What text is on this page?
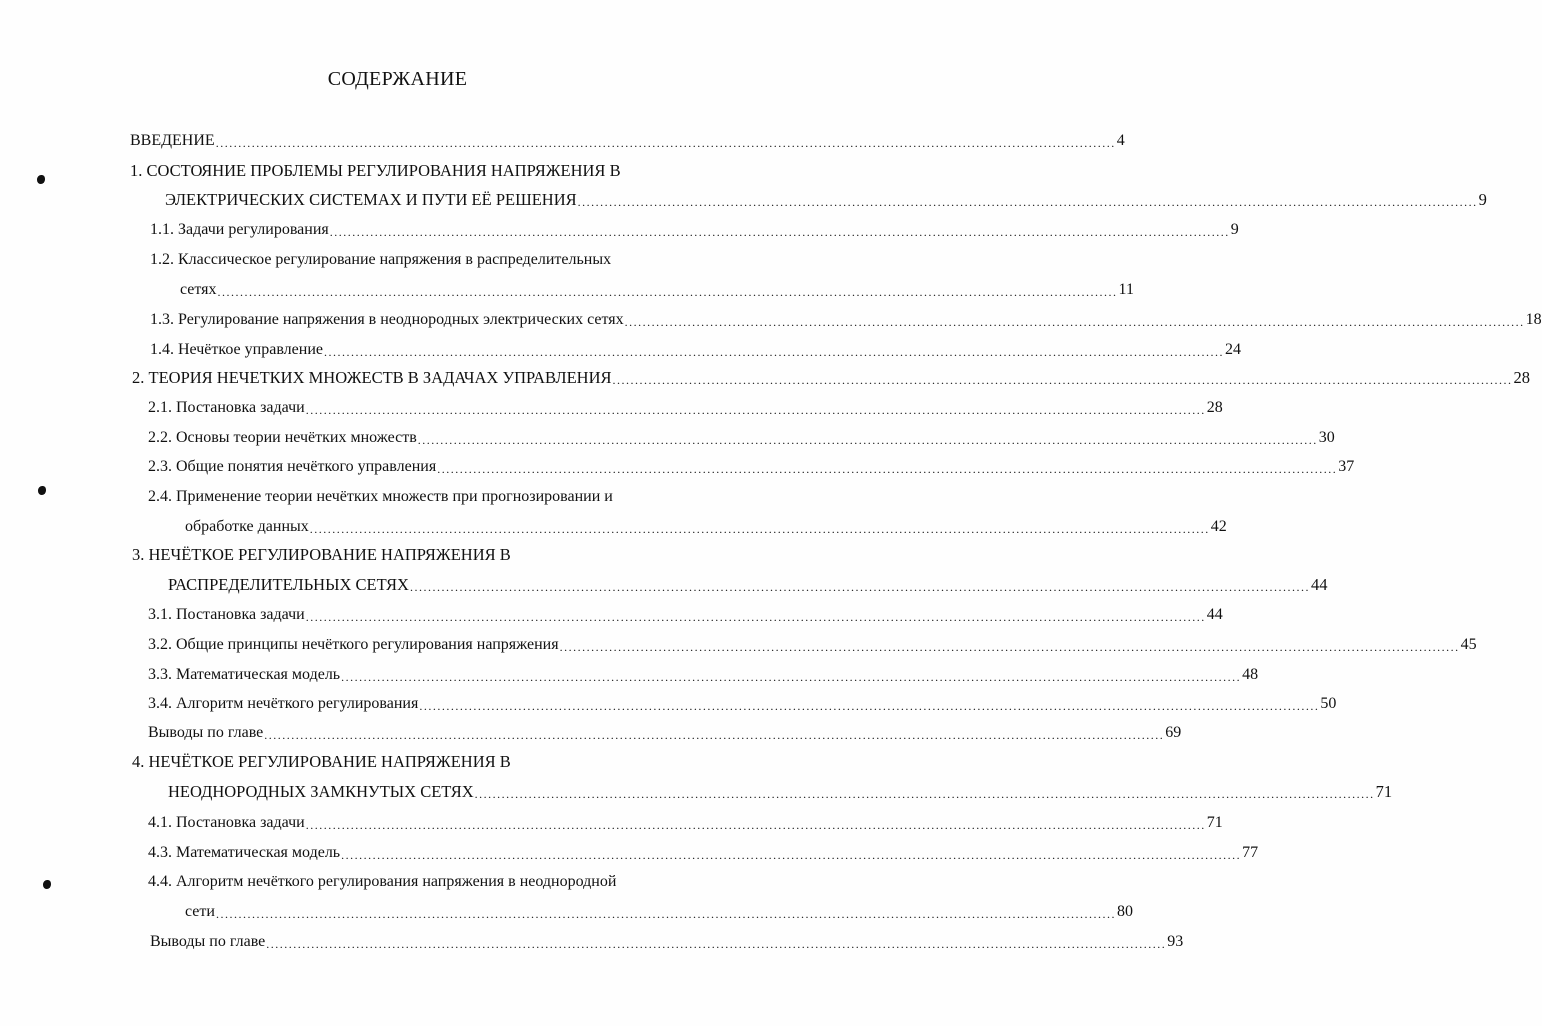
СОДЕРЖАНИЕ
ВВЕДЕНИЕ ........................................................................................................................................................................................................ 4
1. СОСТОЯНИЕ ПРОБЛЕМЫ РЕГУЛИРОВАНИЯ НАПРЯЖЕНИЯ В
ЭЛЕКТРИЧЕСКИХ СИСТЕМАХ И ПУТИ ЕЁ РЕШЕНИЯ ........................................................................................................................................................................................................ 9
1.1. Задачи регулирования ........................................................................................................................................................................................................ 9
1.2. Классическое регулирование напряжения в распределительных
сетях ........................................................................................................................................................................................................ 11
1.3. Регулирование напряжения в неоднородных электрических сетях ........................................................................................................................................................................................................ 18
1.4. Нечёткое управление ........................................................................................................................................................................................................ 24
2. ТЕОРИЯ НЕЧЕТКИХ МНОЖЕСТВ В ЗАДАЧАХ УПРАВЛЕНИЯ ........................................................................................................................................................................................................ 28
2.1. Постановка задачи ........................................................................................................................................................................................................ 28
2.2. Основы теории нечётких множеств ........................................................................................................................................................................................................ 30
2.3. Общие понятия нечёткого управления ........................................................................................................................................................................................................ 37
2.4. Применение теории нечётких множеств при прогнозировании и
обработке данных ........................................................................................................................................................................................................ 42
3. НЕЧЁТКОЕ РЕГУЛИРОВАНИЕ НАПРЯЖЕНИЯ В
РАСПРЕДЕЛИТЕЛЬНЫХ СЕТЯХ ........................................................................................................................................................................................................ 44
3.1. Постановка задачи ........................................................................................................................................................................................................ 44
3.2. Общие принципы нечёткого регулирования напряжения ........................................................................................................................................................................................................ 45
3.3. Математическая модель ........................................................................................................................................................................................................ 48
3.4. Алгоритм нечёткого регулирования ........................................................................................................................................................................................................ 50
Выводы по главе ........................................................................................................................................................................................................ 69
4. НЕЧЁТКОЕ РЕГУЛИРОВАНИЕ НАПРЯЖЕНИЯ В
НЕОДНОРОДНЫХ ЗАМКНУТЫХ СЕТЯХ ........................................................................................................................................................................................................ 71
4.1. Постановка задачи ........................................................................................................................................................................................................ 71
4.3. Математическая модель ........................................................................................................................................................................................................ 77
4.4. Алгоритм нечёткого регулирования напряжения в неоднородной
сети ........................................................................................................................................................................................................ 80
Выводы по главе ........................................................................................................................................................................................................ 93
